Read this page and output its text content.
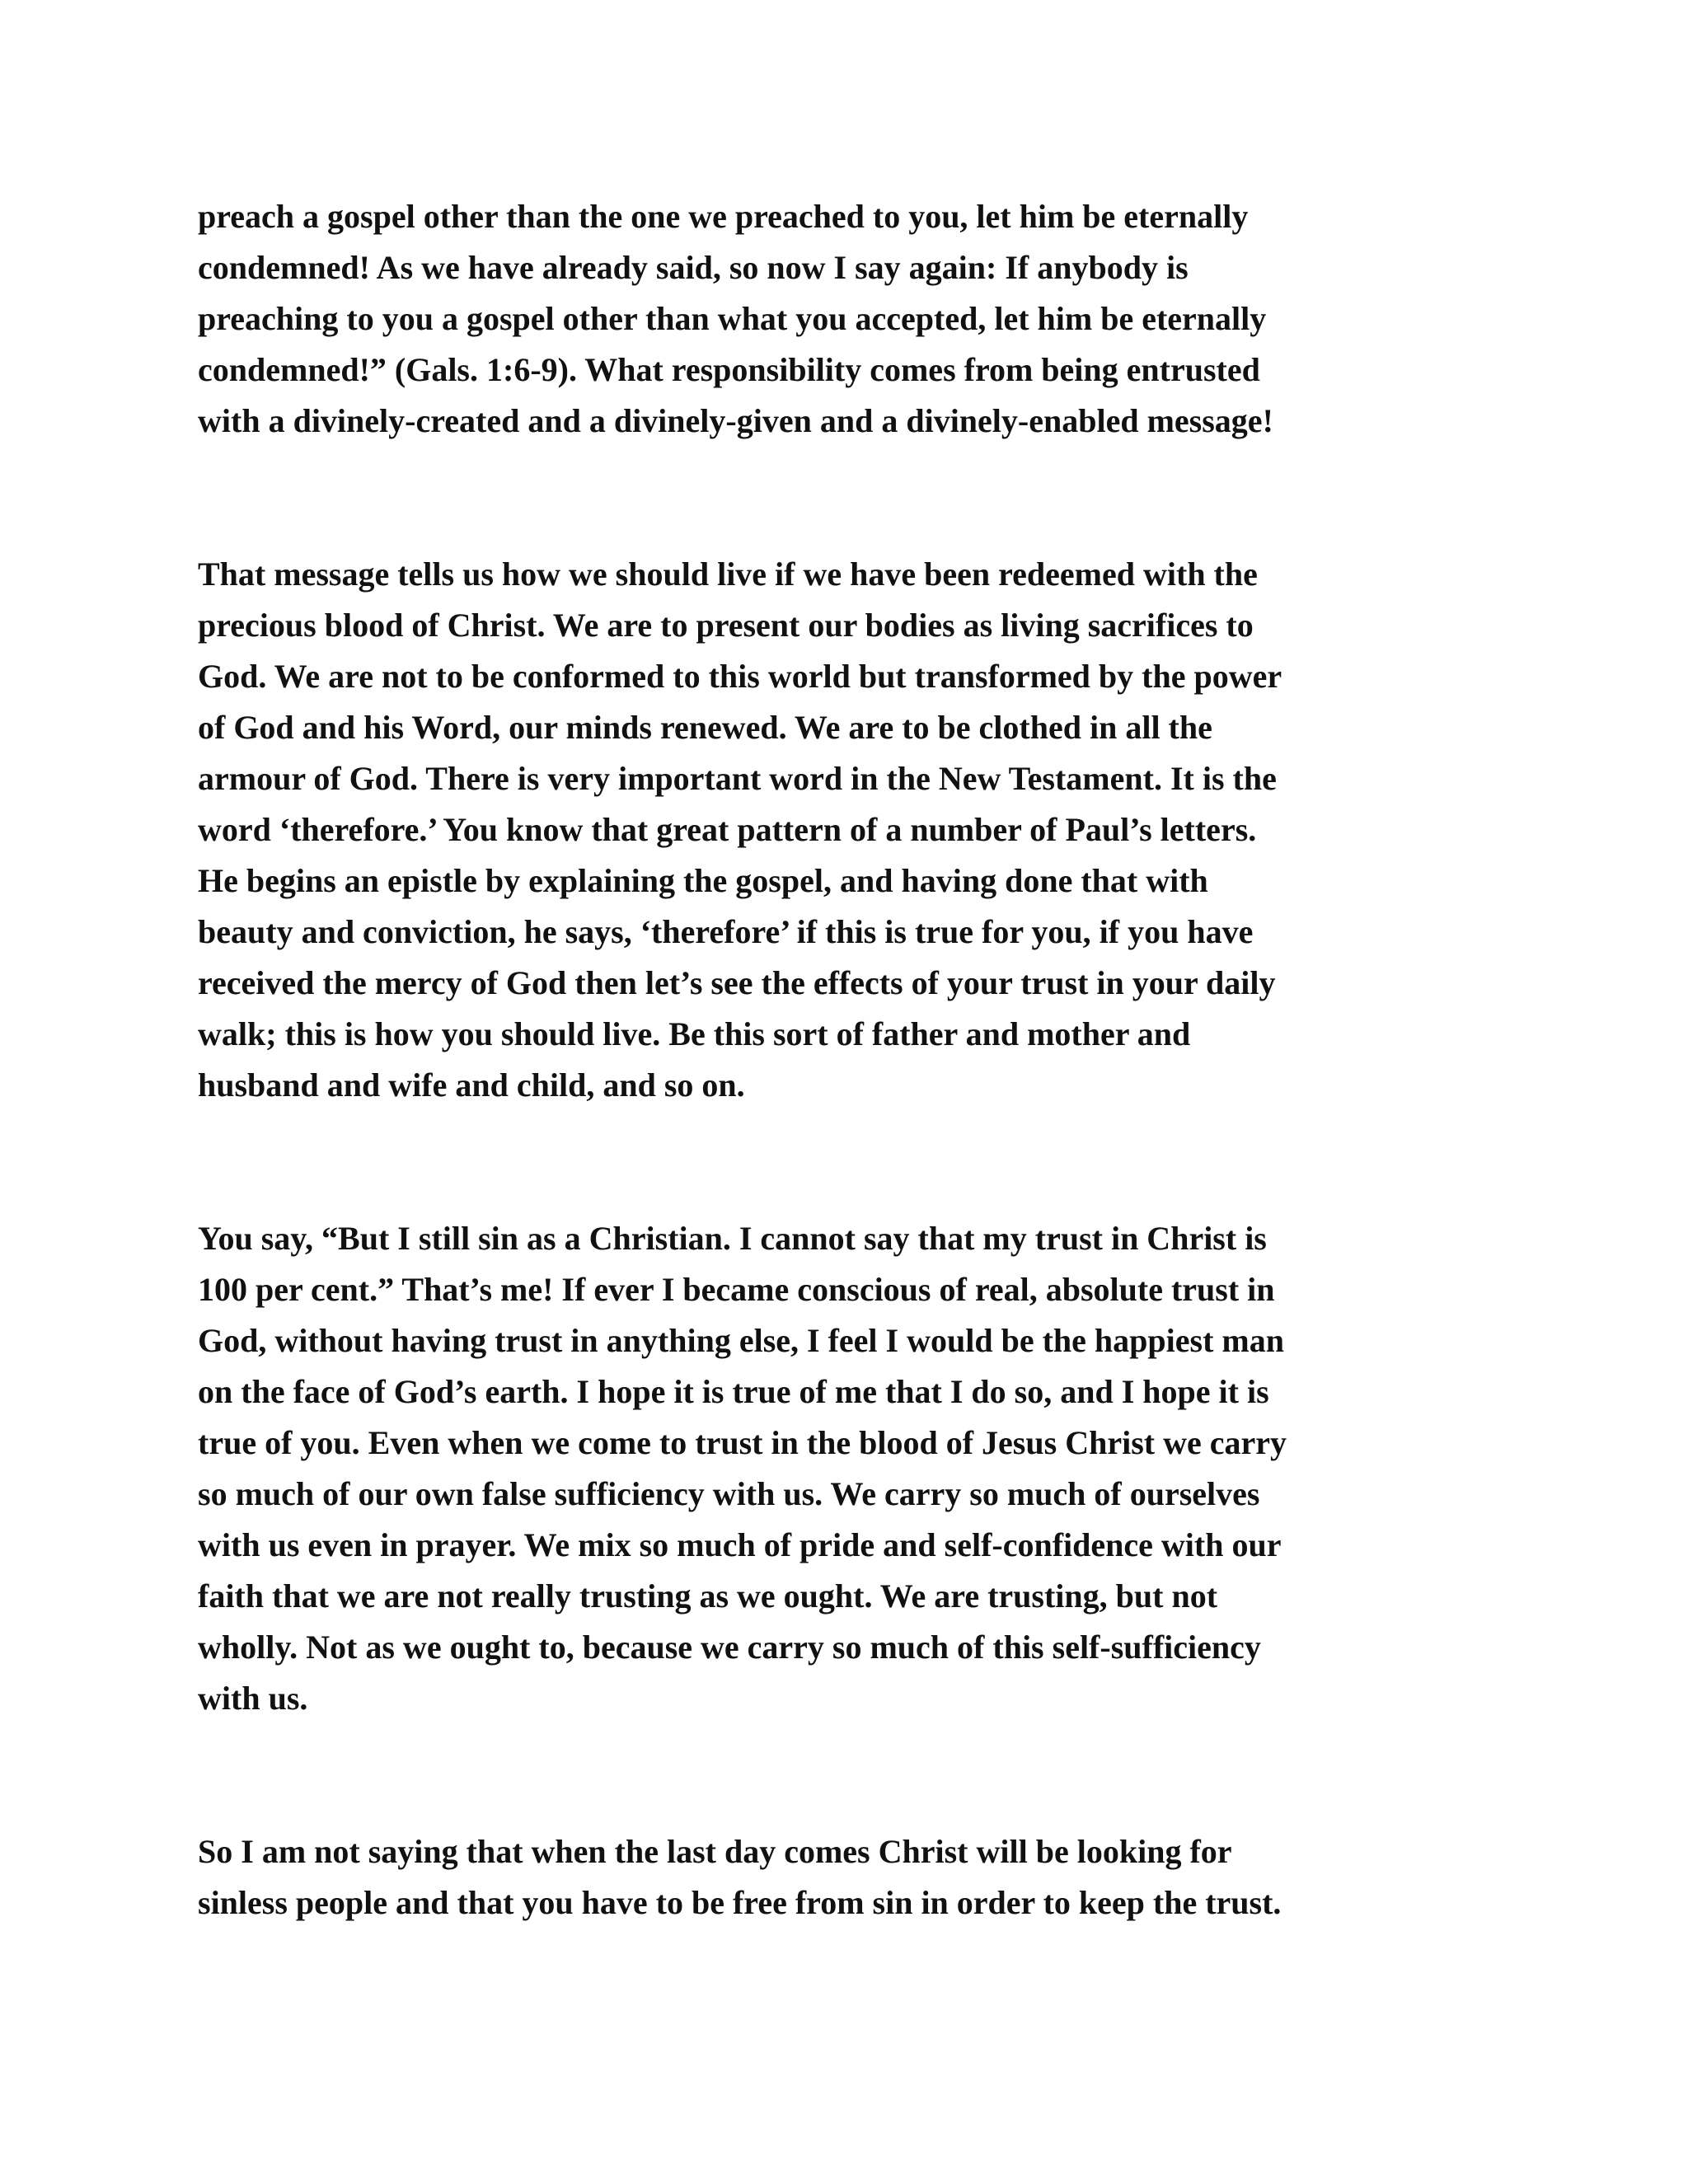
preach a gospel other than the one we preached to you, let him be eternally
condemned! As we have already said, so now I say again: If anybody is
preaching to you a gospel other than what you accepted, let him be eternally
condemned!” (Gals. 1:6-9). What responsibility comes from being entrusted
with a divinely-created and a divinely-given and a divinely-enabled message!

That message tells us how we should live if we have been redeemed with the
precious blood of Christ. We are to present our bodies as living sacrifices to
God. We are not to be conformed to this world but transformed by the power
of God and his Word, our minds renewed. We are to be clothed in all the
armour of God. There is very important word in the New Testament. It is the
word ‘therefore.’ You know that great pattern of a number of Paul’s letters.
He begins an epistle by explaining the gospel, and having done that with
beauty and conviction, he says, ‘therefore’ if this is true for you, if you have
received the mercy of God then let’s see the effects of your trust in your daily
walk; this is how you should live. Be this sort of father and mother and
husband and wife and child, and so on.

You say, “But I still sin as a Christian. I cannot say that my trust in Christ is
100 per cent.” That’s me! If ever I became conscious of real, absolute trust in
God, without having trust in anything else, I feel I would be the happiest man
on the face of God’s earth. I hope it is true of me that I do so, and I hope it is
true of you. Even when we come to trust in the blood of Jesus Christ we carry
so much of our own false sufficiency with us. We carry so much of ourselves
with us even in prayer. We mix so much of pride and self-confidence with our
faith that we are not really trusting as we ought. We are trusting, but not
wholly. Not as we ought to, because we carry so much of this self-sufficiency
with us.

So I am not saying that when the last day comes Christ will be looking for
sinless people and that you have to be free from sin in order to keep the trust.
